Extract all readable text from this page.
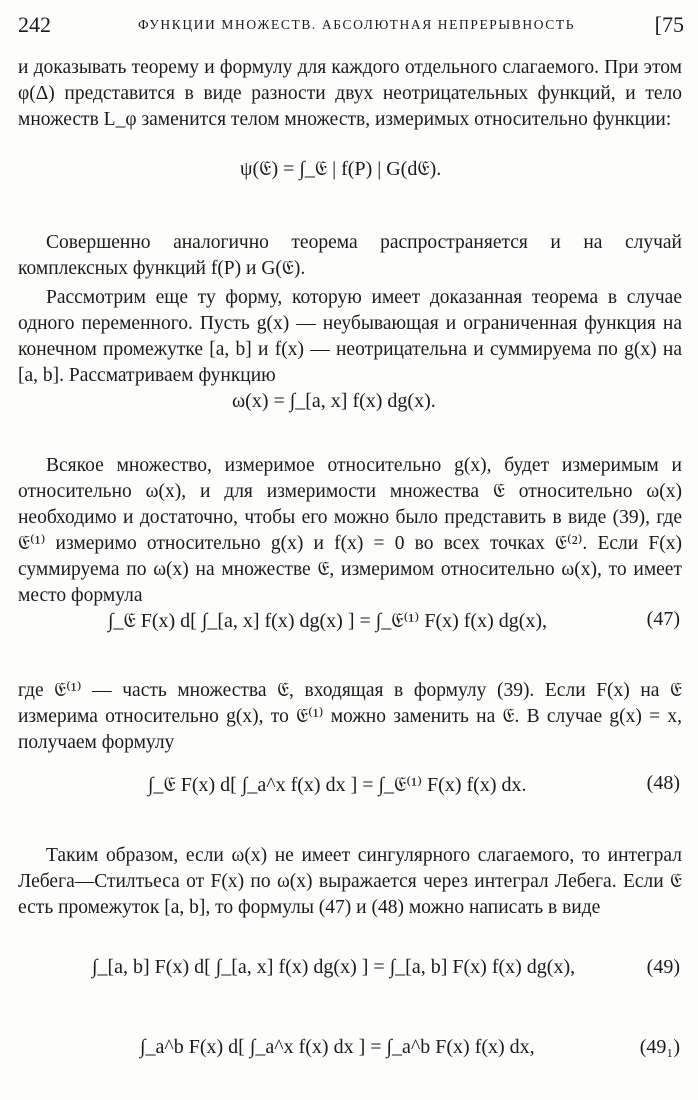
242	ФУНКЦИИ МНОЖЕСТВ. АБСОЛЮТНАЯ НЕПРЕРЫВНОСТЬ	[75

и доказывать теорему и формулу для каждого отдельного слагаемого. При этом φ(Δ) представится в виде разности двух неотрицательных функций, и тело множеств L_φ заменится телом множеств, измеримых относительно функции:

ψ(𝔈) = ∫_𝔈 | f(P) | G(d𝔈).

Совершенно аналогично теорема распространяется и на случай комплексных функций f(P) и G(𝔈).

Рассмотрим еще ту форму, которую имеет доказанная теорема в случае одного переменного. Пусть g(x) — неубывающая и ограниченная функция на конечном промежутке [a, b] и f(x) — неотрицательна и суммируема по g(x) на [a, b]. Рассматриваем функцию

ω(x) = ∫_[a, x] f(x) dg(x).

Всякое множество, измеримое относительно g(x), будет измеримым и относительно ω(x), и для измеримости множества 𝔈 относительно ω(x) необходимо и достаточно, чтобы его можно было представить в виде (39), где 𝔈⁽¹⁾ измеримо относительно g(x) и f(x) = 0 во всех точках 𝔈⁽²⁾. Если F(x) суммируема по ω(x) на множестве 𝔈, измеримом относительно ω(x), то имеет место формула

∫_𝔈 F(x) d[ ∫_[a, x] f(x) dg(x) ] = ∫_𝔈⁽¹⁾ F(x) f(x) dg(x),	(47)

где 𝔈⁽¹⁾ — часть множества 𝔈, входящая в формулу (39). Если F(x) на 𝔈 измерима относительно g(x), то 𝔈⁽¹⁾ можно заменить на 𝔈. В случае g(x) = x, получаем формулу

∫_𝔈 F(x) d[ ∫_a^x f(x) dx ] = ∫_𝔈⁽¹⁾ F(x) f(x) dx.	(48)

Таким образом, если ω(x) не имеет сингулярного слагаемого, то интеграл Лебега—Стилтьеса от F(x) по ω(x) выражается через интеграл Лебега. Если 𝔈 есть промежуток [a, b], то формулы (47) и (48) можно написать в виде

∫_[a, b] F(x) d[ ∫_[a, x] f(x) dg(x) ] = ∫_[a, b] F(x) f(x) dg(x),	(49)
∫_a^b F(x) d[ ∫_a^x f(x) dx ] = ∫_a^b F(x) f(x) dx,	(49₁)
